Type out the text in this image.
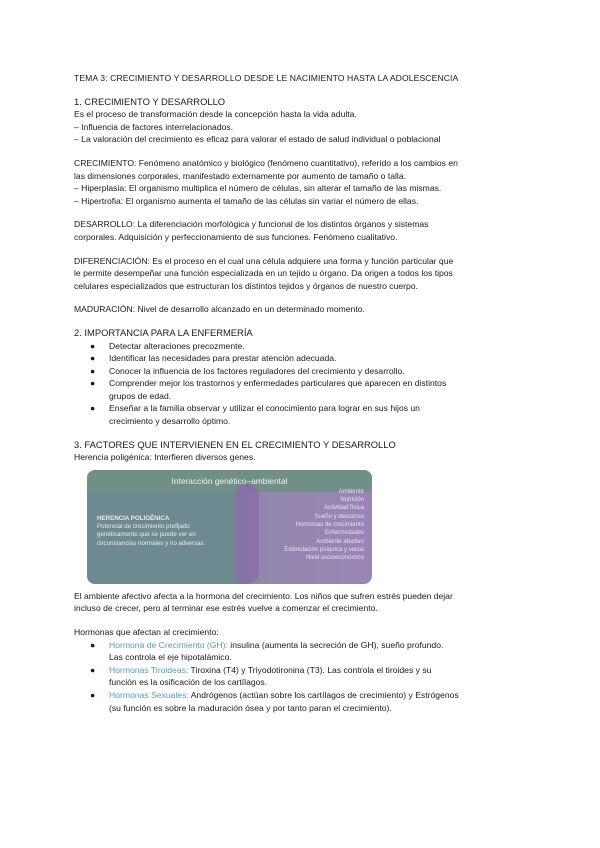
TEMA 3: CRECIMIENTO Y DESARROLLO DESDE LE NACIMIENTO HASTA LA ADOLESCENCIA
1. CRECIMIENTO Y DESARROLLO
Es el proceso de transformación desde la concepción hasta la vida adulta.
– Influencia de factores interrelacionados.
– La valoración del crecimiento es eficaz para valorar el estado de salud individual o poblacional
CRECIMIENTO: Fenómeno anatómico y biológico (fenómeno cuantitativo), referido a los cambios en
las dimensiones corporales, manifestado externamente por aumento de tamaño o talla.
– Hiperplasia: El organismo multiplica el número de células, sin alterar el tamaño de las mismas.
– Hipertrofia: El organismo aumenta el tamaño de las células sin variar el número de ellas.
DESARROLLO: La diferenciación morfológica y funcional de los distintos órganos y sistemas
corporales. Adquisición y perfeccionamiento de sus funciones. Fenómeno cualitativo.
DIFERENCIACIÓN: Es el proceso en el cual una célula adquiere una forma y función particular que
le permite desempeñar una función especializada en un tejido u órgano. Da origen a todos los tipos
celulares especializados que estructuran los distintos tejidos y órganos de nuestro cuerpo.
MADURACIÓN: Nivel de desarrollo alcanzado en un determinado momento.
2. IMPORTANCIA PARA LA ENFERMERÍA
● Detectar alteraciones precozmente.
● Identificar las necesidades para prestar atención adecuada.
● Conocer la influencia de los factores reguladores del crecimiento y desarrollo.
● Comprender mejor los trastornos y enfermedades particulares que aparecen en distintos
grupos de edad.
● Enseñar a la familia observar y utilizar el conocimiento para lograr en sus hijos un
crecimiento y desarrollo óptimo.
3. FACTORES QUE INTERVIENEN EN EL CRECIMIENTO Y DESARROLLO
Herencia poligénica: Interfieren diversos genes.
Interacción genético–ambiental
HERENCIA POLIGÉNICA
Potencial de crecimiento prefijado
genéticamente que se puede ver en
circunstancias normales y no adversas.
Ambiente
Nutrición
Actividad física
Sueño y descanso
Hormonas de crecimiento
Enfermedades
Ambiente afectivo
Estimulación psíquica y social
Nivel socioeconómico
El ambiente afectivo afecta a la hormona del crecimiento. Los niños que sufren estrés pueden dejar
incluso de crecer, pero al terminar ese estrés vuelve a comenzar el crecimiento.
Hormonas que afectan al crecimiento:
● Hormona de Crecimiento (GH): insulina (aumenta la secreción de GH), sueño profundo.
Las controla el eje hipotalámico.
● Hormonas Tiroideas: Tiroxina (T4) y Triyodotironina (T3). Las controla el tiroides y su
función es la osificación de los cartílagos.
● Hormonas Sexuales: Andrógenos (actúan sobre los cartílagos de crecimiento) y Estrógenos
(su función es sobre la maduración ósea y por tanto paran el crecimiento).
